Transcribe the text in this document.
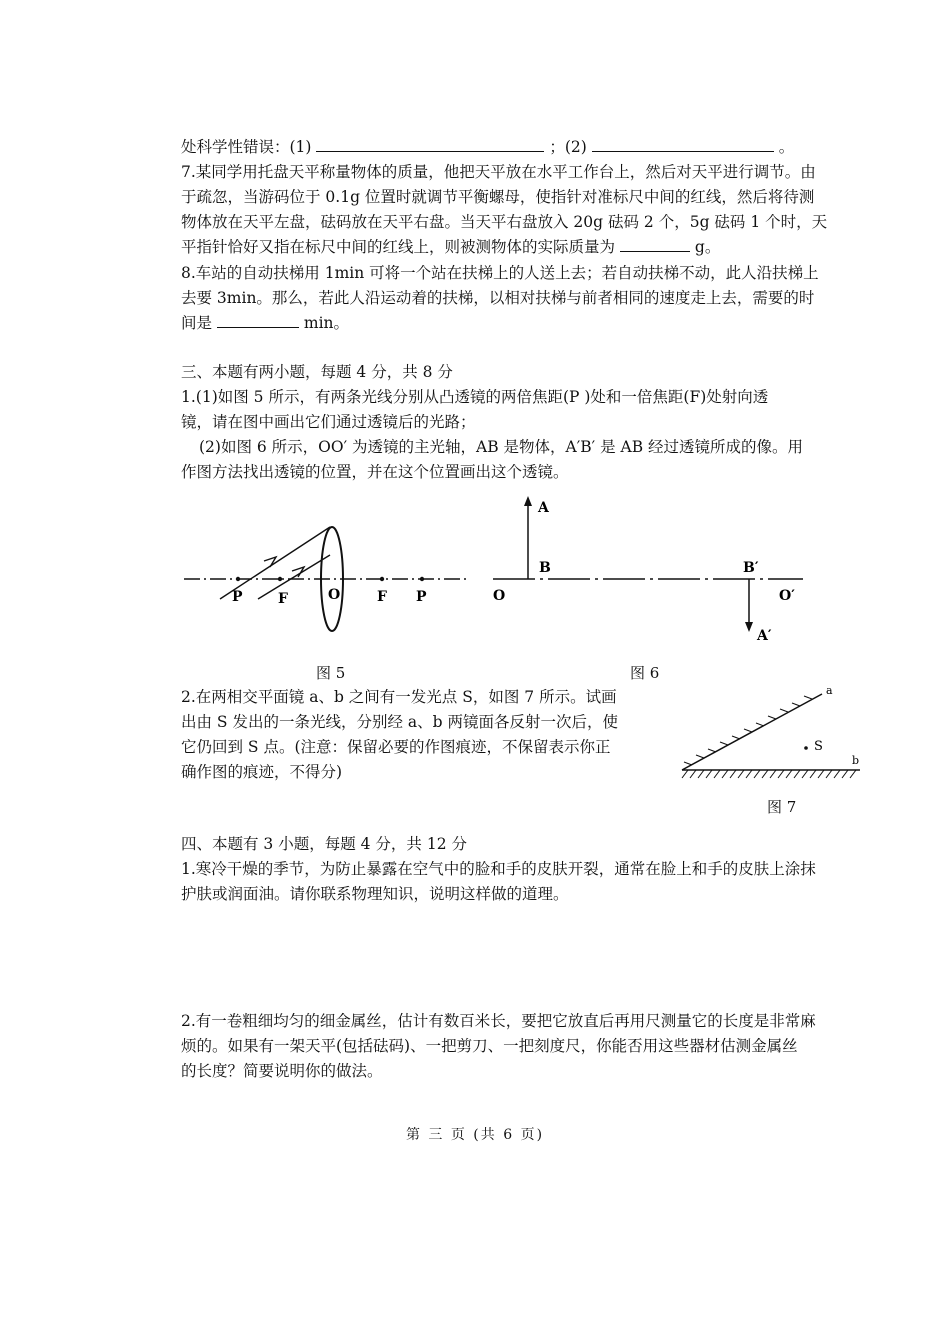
处科学性错误：(1)	；(2)	。
7.某同学用托盘天平称量物体的质量，他把天平放在水平工作台上，然后对天平进行调节。由
于疏忽，当游码位于 0.1g 位置时就调节平衡螺母，使指针对准标尺中间的红线，然后将待测
物体放在天平左盘，砝码放在天平右盘。当天平右盘放入 20g 砝码 2 个，5g 砝码 1 个时，天
平指针恰好又指在标尺中间的红线上，则被测物体的实际质量为	g。
8.车站的自动扶梯用 1min 可将一个站在扶梯上的人送上去；若自动扶梯不动，此人沿扶梯上
去要 3min。那么，若此人沿运动着的扶梯，以相对扶梯与前者相同的速度走上去，需要的时
间是	min。
三、本题有两小题，每题 4 分，共 8 分
1.(1)如图 5 所示，有两条光线分别从凸透镜的两倍焦距(P )处和一倍焦距(F)处射向透
镜，请在图中画出它们通过透镜后的光路；
(2)如图 6 所示，OO′ 为透镜的主光轴，AB 是物体，A′B′ 是 AB 经过透镜所成的像。用
作图方法找出透镜的位置，并在这个位置画出这个透镜。
P	F	O	F P
A
B
O
B′
O′
A′
图 5	图 6
2.在两相交平面镜 a、b 之间有一发光点 S，如图 7 所示。试画
出由 S 发出的一条光线，分别经 a、b 两镜面各反射一次后，使
它仍回到 S 点。(注意：保留必要的作图痕迹，不保留表示你正
确作图的痕迹，不得分)
a
S
b
图 7
四、本题有 3 小题，每题 4 分，共 12 分
1.寒冷干燥的季节，为防止暴露在空气中的脸和手的皮肤开裂，通常在脸上和手的皮肤上涂抹
护肤或润面油。请你联系物理知识，说明这样做的道理。
2.有一卷粗细均匀的细金属丝，估计有数百米长，要把它放直后再用尺测量它的长度是非常麻
烦的。如果有一架天平(包括砝码)、一把剪刀、一把刻度尺，你能否用这些器材估测金属丝
的长度？简要说明你的做法。
第 三 页 (共 6 页)
